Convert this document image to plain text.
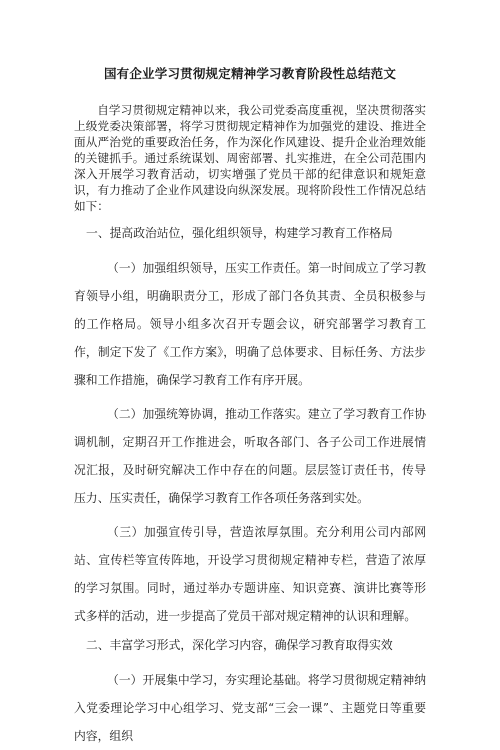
国有企业学习贯彻规定精神学习教育阶段性总结范文

自学习贯彻规定精神以来，我公司党委高度重视，坚决贯彻落实上级党委决策部署，将学习贯彻规定精神作为加强党的建设、推进全面从严治党的重要政治任务，作为深化作风建设、提升企业治理效能的关键抓手。通过系统谋划、周密部署、扎实推进，在全公司范围内深入开展学习教育活动，切实增强了党员干部的纪律意识和规矩意识，有力推动了企业作风建设向纵深发展。现将阶段性工作情况总结如下：

一、提高政治站位，强化组织领导，构建学习教育工作格局

（一）加强组织领导，压实工作责任。第一时间成立了学习教育领导小组，明确职责分工，形成了部门各负其责、全员积极参与的工作格局。领导小组多次召开专题会议，研究部署学习教育工作，制定下发了《工作方案》，明确了总体要求、目标任务、方法步骤和工作措施，确保学习教育工作有序开展。

（二）加强统筹协调，推动工作落实。建立了学习教育工作协调机制，定期召开工作推进会，听取各部门、各子公司工作进展情况汇报，及时研究解决工作中存在的问题。层层签订责任书，传导压力、压实责任，确保学习教育工作各项任务落到实处。

（三）加强宣传引导，营造浓厚氛围。充分利用公司内部网站、宣传栏等宣传阵地，开设学习贯彻规定精神专栏，营造了浓厚的学习氛围。同时，通过举办专题讲座、知识竞赛、演讲比赛等形式多样的活动，进一步提高了党员干部对规定精神的认识和理解。

二、丰富学习形式，深化学习内容，确保学习教育取得实效

（一）开展集中学习，夯实理论基础。将学习贯彻规定精神纳入党委理论学习中心组学习、党支部“三会一课”、主题党日等重要内容，组织
